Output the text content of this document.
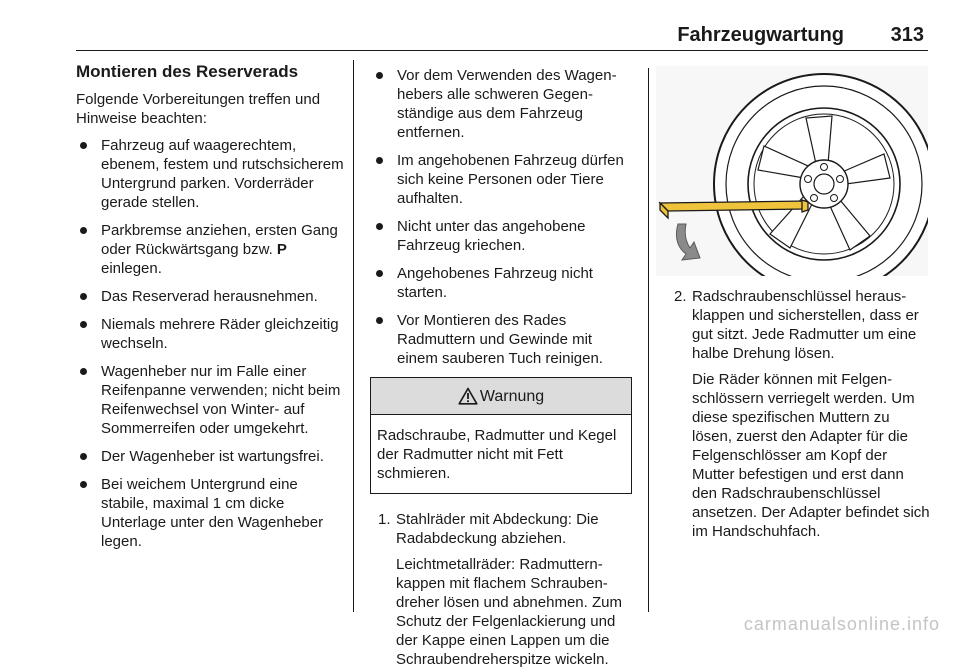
Fahrzeugwartung 313
Montieren des Reserverads

Folgende Vorbereitungen treffen und Hinweise beachten:

Fahrzeug auf waagerechtem, ebenem, festem und rutschsicherem Untergrund parken. Vorderräder gerade stellen.
Parkbremse anziehen, ersten Gang oder Rückwärtsgang bzw. P einlegen.
Das Reserverad herausnehmen.
Niemals mehrere Räder gleichzeitig wechseln.
Wagenheber nur im Falle einer Reifenpanne verwenden; nicht beim Reifenwechsel von Winter- auf Sommerreifen oder umgekehrt.
Der Wagenheber ist wartungsfrei.
Bei weichem Untergrund eine stabile, maximal 1 cm dicke Unterlage unter den Wagenheber legen.
Vor dem Verwenden des Wagenhebers alle schweren Gegenständige aus dem Fahrzeug entfernen.
Im angehobenen Fahrzeug dürfen sich keine Personen oder Tiere aufhalten.
Nicht unter das angehobene Fahrzeug kriechen.
Angehobenes Fahrzeug nicht starten.
Vor Montieren des Rades Radmuttern und Gewinde mit einem sauberen Tuch reinigen.
Warnung
Radschraube, Radmutter und Kegel der Radmutter nicht mit Fett schmieren.
1. Stahlräder mit Abdeckung: Die Radabdeckung abziehen.

Leichtmetallräder: Radmutternkappen mit flachem Schraubendreher lösen und abnehmen. Zum Schutz der Felgenlackierung und der Kappe einen Lappen um die Schraubendreherspitze wickeln.

2. Radschraubenschlüssel herausklappen und sicherstellen, dass er gut sitzt. Jede Radmutter um eine halbe Drehung lösen.

Die Räder können mit Felgenschlössern verriegelt werden. Um diese spezifischen Muttern zu lösen, zuerst den Adapter für die Felgenschlösser am Kopf der Mutter befestigen und erst dann den Radschraubenschlüssel ansetzen. Der Adapter befindet sich im Handschuhfach.

carmanualsonline.info
